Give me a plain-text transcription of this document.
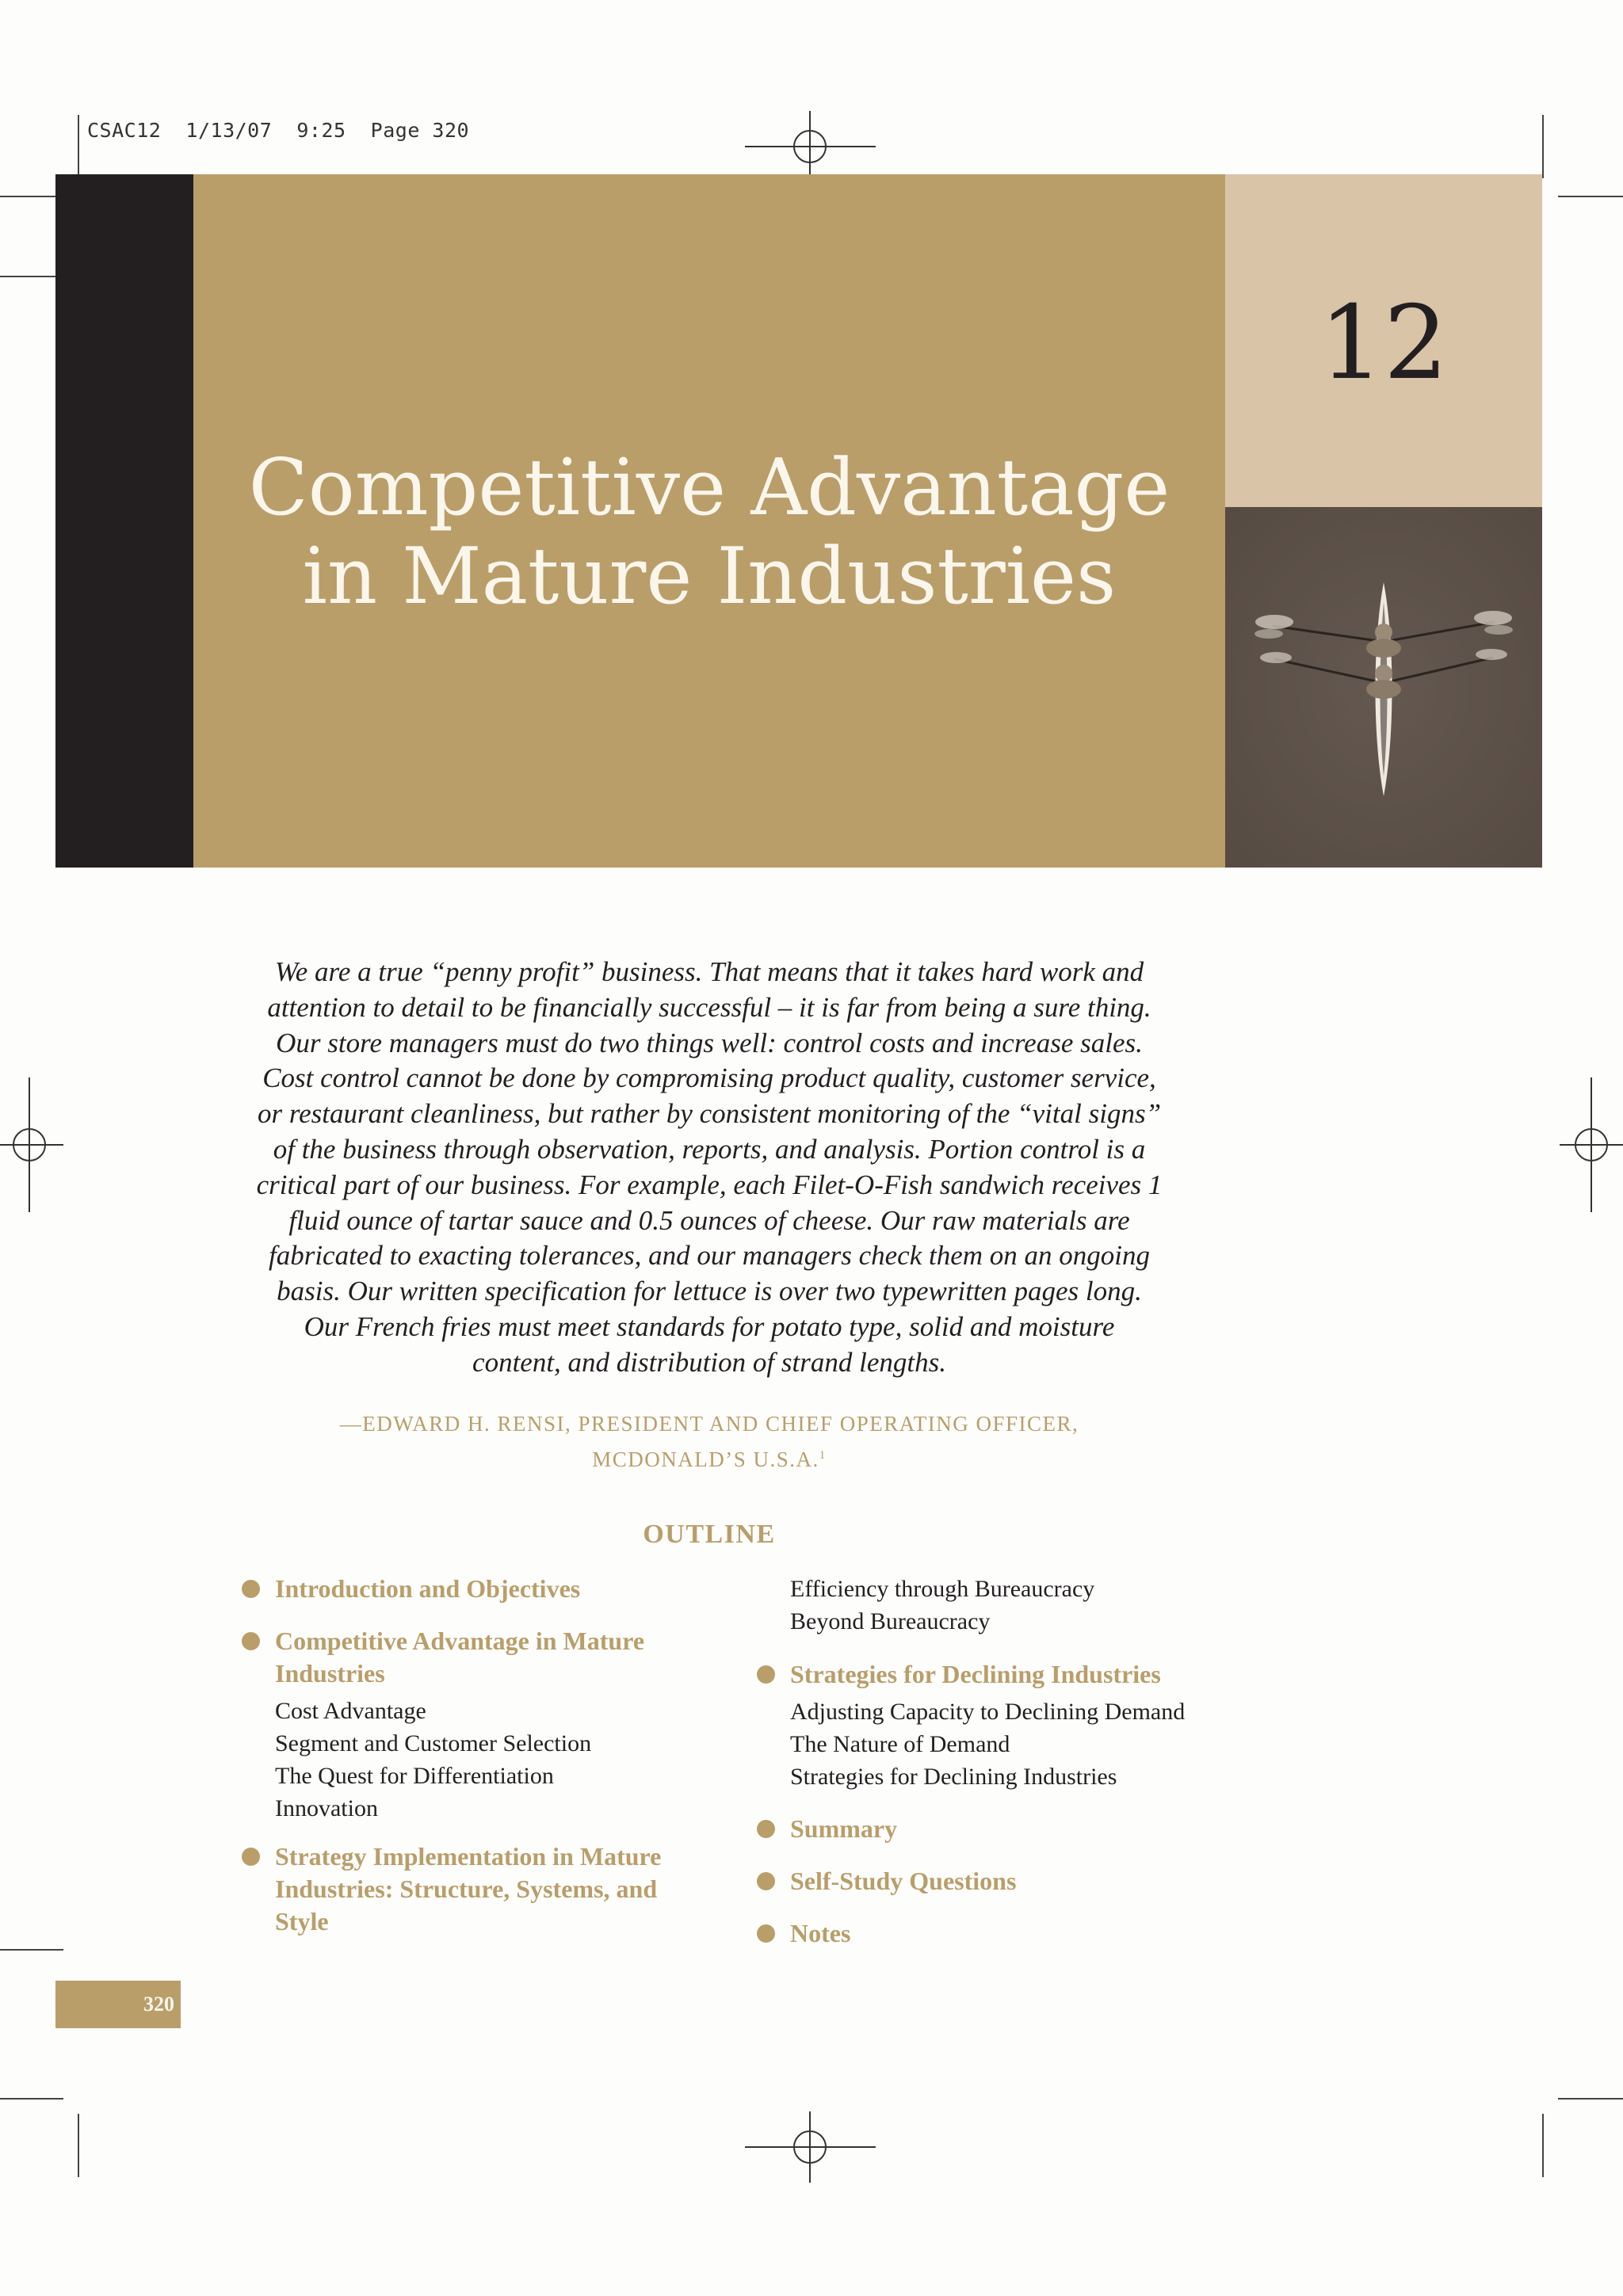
CSAC12  1/13/07  9:25  Page 320
12
Competitive Advantage
in Mature Industries
We are a true “penny profit” business. That means that it takes hard work and
attention to detail to be financially successful – it is far from being a sure thing.
Our store managers must do two things well: control costs and increase sales.
Cost control cannot be done by compromising product quality, customer service,
or restaurant cleanliness, but rather by consistent monitoring of the “vital signs”
of the business through observation, reports, and analysis. Portion control is a
critical part of our business. For example, each Filet-O-Fish sandwich receives 1
fluid ounce of tartar sauce and 0.5 ounces of cheese. Our raw materials are
fabricated to exacting tolerances, and our managers check them on an ongoing
basis. Our written specification for lettuce is over two typewritten pages long.
Our French fries must meet standards for potato type, solid and moisture
content, and distribution of strand lengths.
—EDWARD H. RENSI, PRESIDENT AND CHIEF OPERATING OFFICER,
MCDONALD’S U.S.A.$^1$
OUTLINE
Introduction and Objectives
Competitive Advantage in Mature
Industries
Cost Advantage
Segment and Customer Selection
The Quest for Differentiation
Innovation
Strategy Implementation in Mature
Industries: Structure, Systems, and
Style
Efficiency through Bureaucracy
Beyond Bureaucracy
Strategies for Declining Industries
Adjusting Capacity to Declining Demand
The Nature of Demand
Strategies for Declining Industries
Summary
Self-Study Questions
Notes
320
